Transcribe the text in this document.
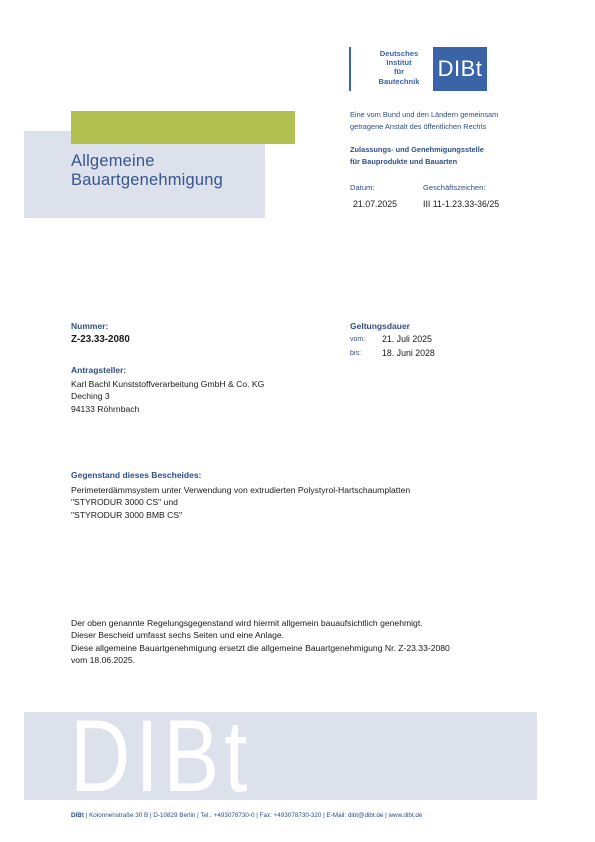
Deutsches
Institut
für
Bautechnik
DIBt
Allgemeine
Bauartgenehmigung
Eine vom Bund und den Ländern gemeinsam
getragene Anstalt des öffentlichen Rechts
Zulassungs- und Genehmigungsstelle
für Bauprodukte und Bauarten
Datum:	Geschäftszeichen:
21.07.2025	III 11-1.23.33-36/25
Nummer:
Z-23.33-2080
Geltungsdauer
vom: 21. Juli 2025
bis: 18. Juni 2028
Antragsteller:
Karl Bachl Kunststoffverarbeitung GmbH & Co. KG
Deching 3
94133 Röhrnbach
Gegenstand dieses Bescheides:
Perimeterdämmsystem unter Verwendung von extrudierten Polystyrol-Hartschaumplatten
"STYRODUR 3000 CS" und
"STYRODUR 3000 BMB CS"
Der oben genannte Regelungsgegenstand wird hiermit allgemein bauaufsichtlich genehmigt.
Dieser Bescheid umfasst sechs Seiten und eine Anlage.
Diese allgemeine Bauartgenehmigung ersetzt die allgemeine Bauartgenehmigung Nr. Z-23.33-2080
vom 18.06.2025.
DIBt
DIBt | Kolonnenstraße 30 B | D-10829 Berlin | Tel.: +493078730-0 | Fax: +493078730-320 | E-Mail: dibt@dibt.de | www.dibt.de
